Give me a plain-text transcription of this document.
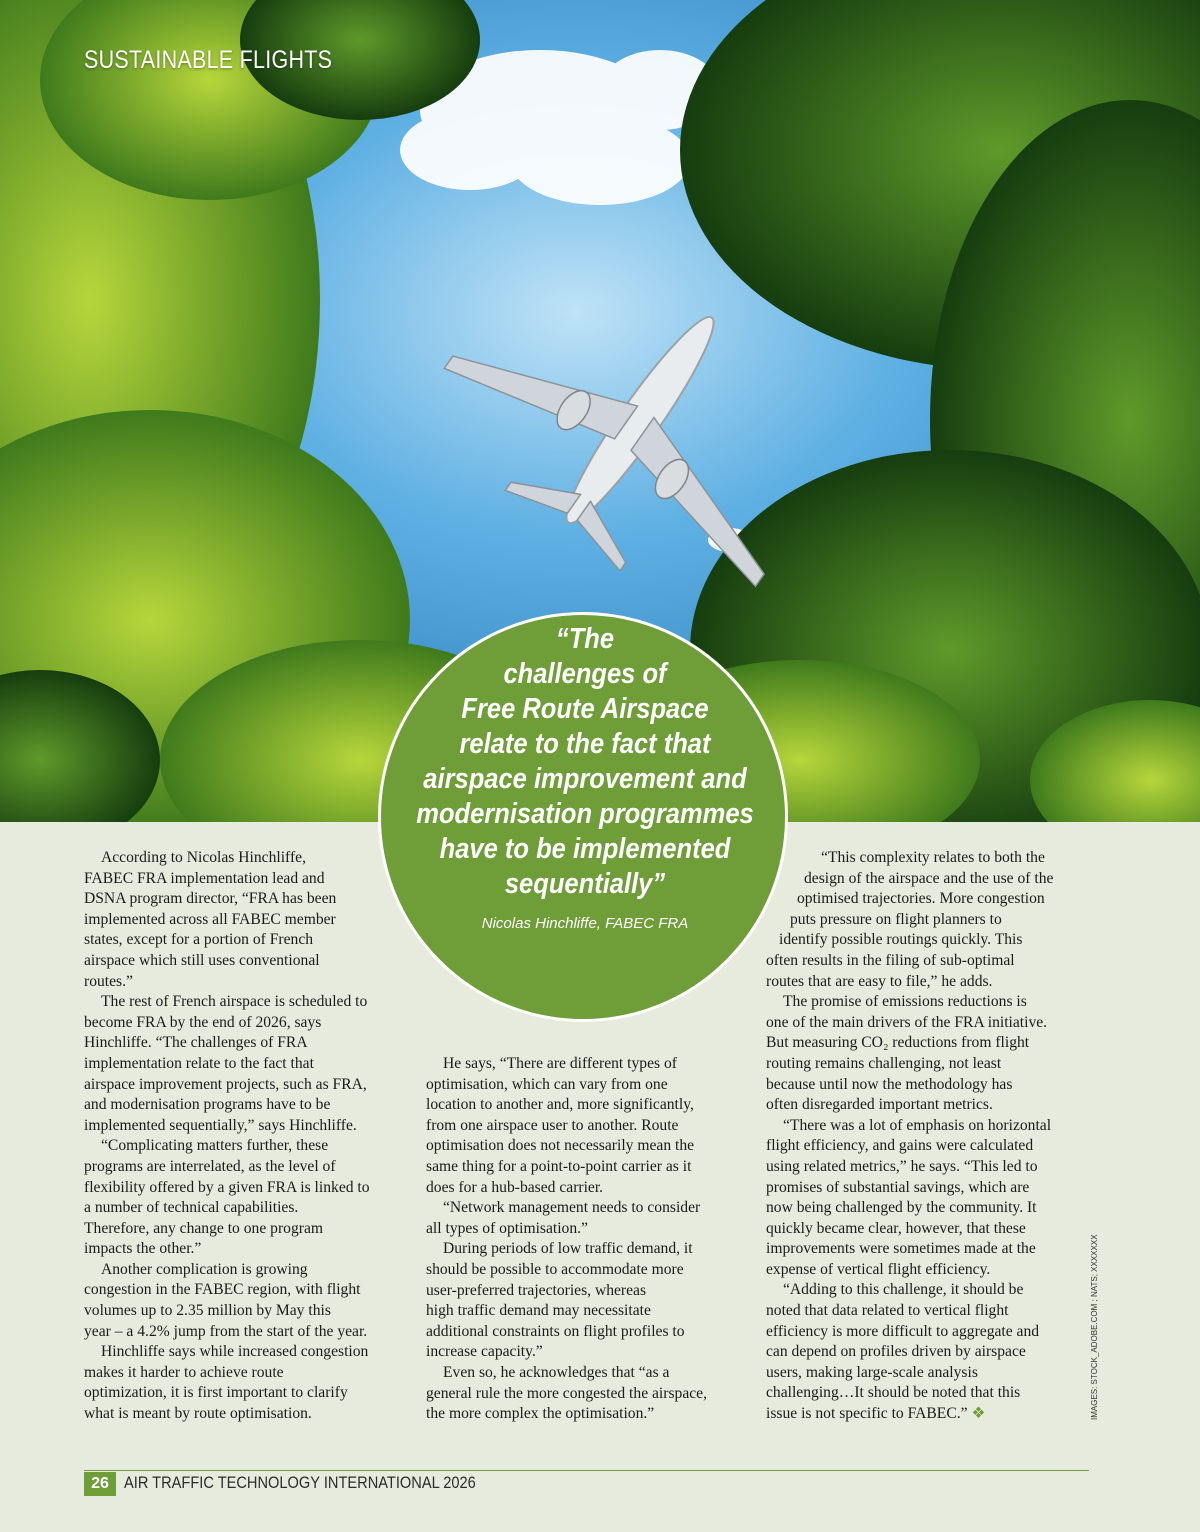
SUSTAINABLE FLIGHTS
“The
challenges of
Free Route Airspace
relate to the fact that
airspace improvement and
modernisation programmes
have to be implemented
sequentially”
Nicolas Hinchliffe, FABEC FRA
According to Nicolas Hinchliffe,
FABEC FRA implementation lead and
DSNA program director, “FRA has been
implemented across all FABEC member
states, except for a portion of French
airspace which still uses conventional
routes.”
The rest of French airspace is scheduled to
become FRA by the end of 2026, says
Hinchliffe. “The challenges of FRA
implementation relate to the fact that
airspace improvement projects, such as FRA,
and modernisation programs have to be
implemented sequentially,” says Hinchliffe.
“Complicating matters further, these
programs are interrelated, as the level of
flexibility offered by a given FRA is linked to
a number of technical capabilities.
Therefore, any change to one program
impacts the other.”
Another complication is growing
congestion in the FABEC region, with flight
volumes up to 2.35 million by May this
year – a 4.2% jump from the start of the year.
Hinchliffe says while increased congestion
makes it harder to achieve route
optimization, it is first important to clarify
what is meant by route optimisation.
He says, “There are different types of
optimisation, which can vary from one
location to another and, more significantly,
from one airspace user to another. Route
optimisation does not necessarily mean the
same thing for a point-to-point carrier as it
does for a hub-based carrier.
“Network management needs to consider
all types of optimisation.”
During periods of low traffic demand, it
should be possible to accommodate more
user-preferred trajectories, whereas
high traffic demand may necessitate
additional constraints on flight profiles to
increase capacity.”
Even so, he acknowledges that “as a
general rule the more congested the airspace,
the more complex the optimisation.”
“This complexity relates to both the
design of the airspace and the use of the
optimised trajectories. More congestion
puts pressure on flight planners to
identify possible routings quickly. This
often results in the filing of sub-optimal
routes that are easy to file,” he adds.
The promise of emissions reductions is
one of the main drivers of the FRA initiative.
But measuring CO₂ reductions from flight
routing remains challenging, not least
because until now the methodology has
often disregarded important metrics.
“There was a lot of emphasis on horizontal
flight efficiency, and gains were calculated
using related metrics,” he says. “This led to
promises of substantial savings, which are
now being challenged by the community. It
quickly became clear, however, that these
improvements were sometimes made at the
expense of vertical flight efficiency.
“Adding to this challenge, it should be
noted that data related to vertical flight
efficiency is more difficult to aggregate and
can depend on profiles driven by airspace
users, making large-scale analysis
challenging…It should be noted that this
issue is not specific to FABEC.” ❖	IMAGES: STOCK_ADOBE.COM ; NATS; XXXXXXX
26 AIR TRAFFIC TECHNOLOGY INTERNATIONAL 2026
